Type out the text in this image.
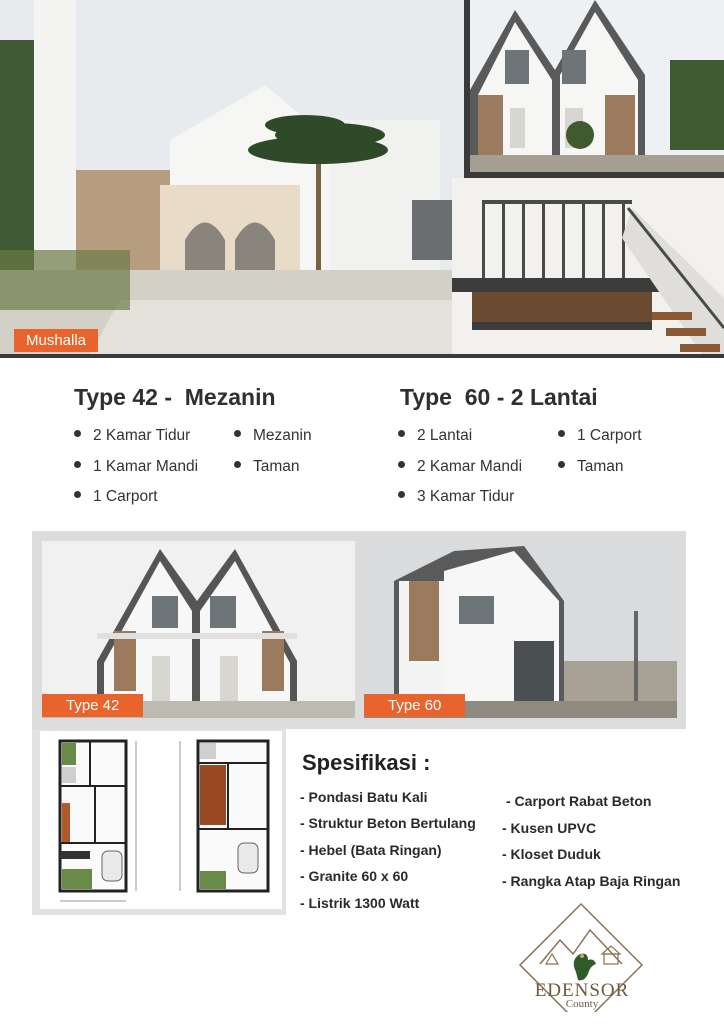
Mushalla
Type 42 -  Mezanin
2 Kamar Tidur	Mezanin
1 Kamar Mandi	Taman
1 Carport
Type  60 - 2 Lantai
2 Lantai	1 Carport
2 Kamar Mandi	Taman
3 Kamar Tidur
Type 42	Type 60
Spesifikasi :
- Pondasi Batu Kali
- Struktur Beton Bertulang
- Hebel (Bata Ringan)
- Granite 60 x 60
- Listrik 1300 Watt
- Carport Rabat Beton
- Kusen UPVC
- Kloset Duduk
- Rangka Atap Baja Ringan
EDENSOR
County
